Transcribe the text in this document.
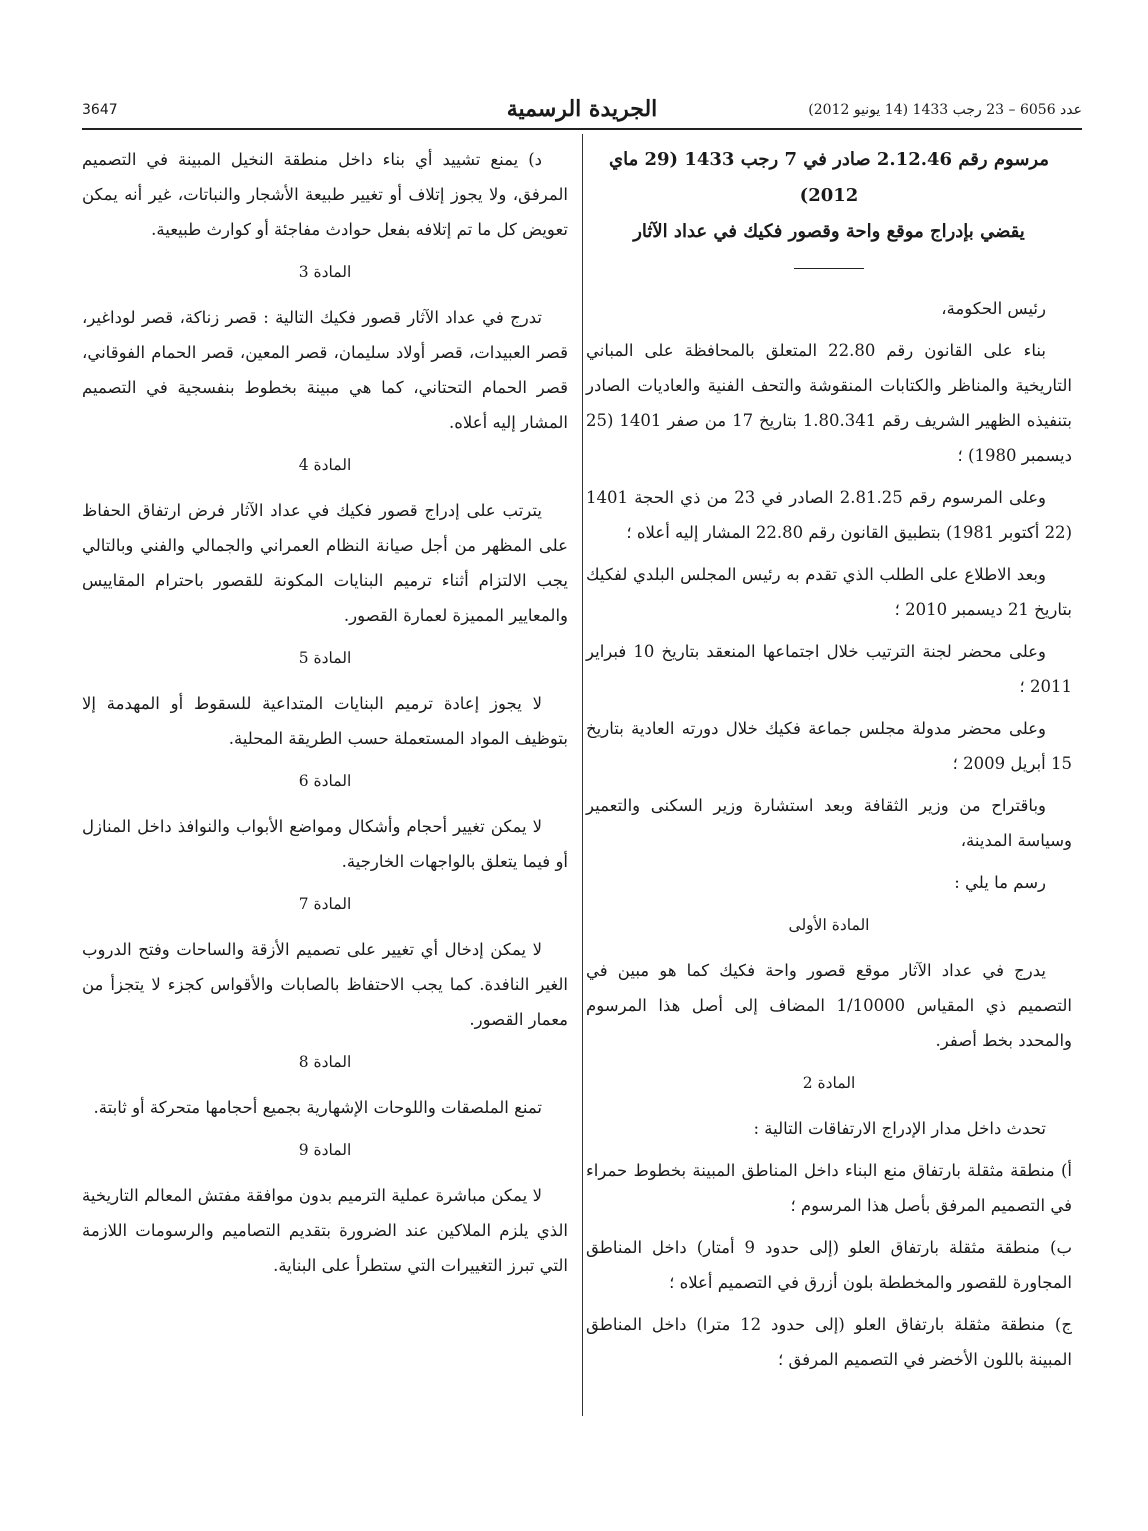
3647	الجريدة الرسمية	عدد 6056 – 23 رجب 1433 (14 يونيو 2012)

مرسوم رقم 2.12.46 صادر في 7 رجب 1433 (29 ماي 2012)

يقضي بإدراج موقع واحة وقصور فكيك في عداد الآثار

رئيس الحكومة،

بناء على القانون رقم 22.80 المتعلق بالمحافظة على المباني التاريخية والمناظر والكتابات المنقوشة والتحف الفنية والعاديات الصادر بتنفيذه الظهير الشريف رقم 1.80.341 بتاريخ 17 من صفر 1401 (25 ديسمبر 1980) ؛

وعلى المرسوم رقم 2.81.25 الصادر في 23 من ذي الحجة 1401 (22 أكتوبر 1981) بتطبيق القانون رقم 22.80 المشار إليه أعلاه ؛

وبعد الاطلاع على الطلب الذي تقدم به رئيس المجلس البلدي لفكيك بتاريخ 21 ديسمبر 2010 ؛

وعلى محضر لجنة الترتيب خلال اجتماعها المنعقد بتاريخ 10 فبراير 2011 ؛

وعلى محضر مدولة مجلس جماعة فكيك خلال دورته العادية بتاريخ 15 أبريل 2009 ؛

وباقتراح من وزير الثقافة وبعد استشارة وزير السكنى والتعمير وسياسة المدينة،

رسم ما يلي :

المادة الأولى

يدرج في عداد الآثار موقع قصور واحة فكيك كما هو مبين في التصميم ذي المقياس 1/10000 المضاف إلى أصل هذا المرسوم والمحدد بخط أصفر.

المادة 2

تحدث داخل مدار الإدراج الارتفاقات التالية :

أ) منطقة مثقلة بارتفاق منع البناء داخل المناطق المبينة بخطوط حمراء في التصميم المرفق بأصل هذا المرسوم ؛

ب) منطقة مثقلة بارتفاق العلو (إلى حدود 9 أمتار) داخل المناطق المجاورة للقصور والمخططة بلون أزرق في التصميم أعلاه ؛

ج) منطقة مثقلة بارتفاق العلو (إلى حدود 12 مترا) داخل المناطق المبينة باللون الأخضر في التصميم المرفق ؛

د) يمنع تشييد أي بناء داخل منطقة النخيل المبينة في التصميم المرفق، ولا يجوز إتلاف أو تغيير طبيعة الأشجار والنباتات، غير أنه يمكن تعويض كل ما تم إتلافه بفعل حوادث مفاجئة أو كوارث طبيعية.

المادة 3

تدرج في عداد الآثار قصور فكيك التالية : قصر زناكة، قصر لوداغير، قصر العبيدات، قصر أولاد سليمان، قصر المعين، قصر الحمام الفوقاني، قصر الحمام التحتاني، كما هي مبينة بخطوط بنفسجية في التصميم المشار إليه أعلاه.

المادة 4

يترتب على إدراج قصور فكيك في عداد الآثار فرض ارتفاق الحفاظ على المظهر من أجل صيانة النظام العمراني والجمالي والفني وبالتالي يجب الالتزام أثناء ترميم البنايات المكونة للقصور باحترام المقاييس والمعايير المميزة لعمارة القصور.

المادة 5

لا يجوز إعادة ترميم البنايات المتداعية للسقوط أو المهدمة إلا بتوظيف المواد المستعملة حسب الطريقة المحلية.

المادة 6

لا يمكن تغيير أحجام وأشكال ومواضع الأبواب والنوافذ داخل المنازل أو فيما يتعلق بالواجهات الخارجية.

المادة 7

لا يمكن إدخال أي تغيير على تصميم الأزقة والساحات وفتح الدروب الغير النافدة. كما يجب الاحتفاظ بالصابات والأقواس كجزء لا يتجزأ من معمار القصور.

المادة 8

تمنع الملصقات واللوحات الإشهارية بجميع أحجامها متحركة أو ثابتة.

المادة 9

لا يمكن مباشرة عملية الترميم بدون موافقة مفتش المعالم التاريخية الذي يلزم الملاكين عند الضرورة بتقديم التصاميم والرسومات اللازمة التي تبرز التغييرات التي ستطرأ على البناية.
